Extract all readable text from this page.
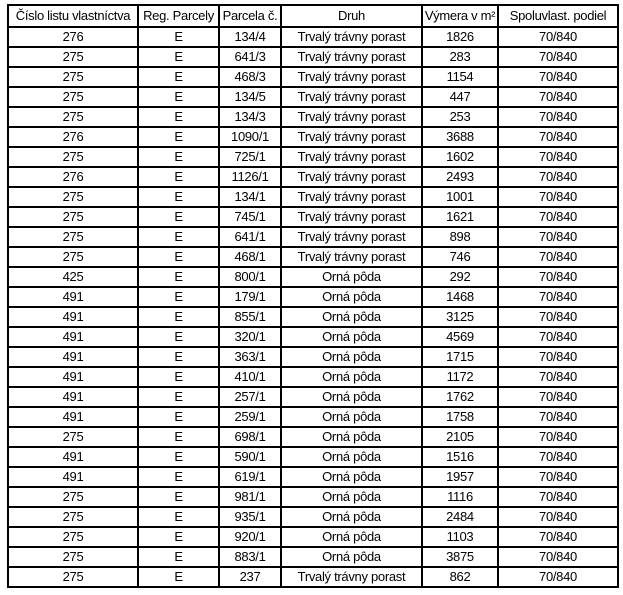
Číslo listu vlastníctva	Reg. Parcely	Parcela č.	Druh	Výmera v m²	Spoluvlast. podiel
276	E	134/4	Trvalý trávny porast	1826	70/840
275	E	641/3	Trvalý trávny porast	283	70/840
275	E	468/3	Trvalý trávny porast	1154	70/840
275	E	134/5	Trvalý trávny porast	447	70/840
275	E	134/3	Trvalý trávny porast	253	70/840
276	E	1090/1	Trvalý trávny porast	3688	70/840
275	E	725/1	Trvalý trávny porast	1602	70/840
276	E	1126/1	Trvalý trávny porast	2493	70/840
275	E	134/1	Trvalý trávny porast	1001	70/840
275	E	745/1	Trvalý trávny porast	1621	70/840
275	E	641/1	Trvalý trávny porast	898	70/840
275	E	468/1	Trvalý trávny porast	746	70/840
425	E	800/1	Orná pôda	292	70/840
491	E	179/1	Orná pôda	1468	70/840
491	E	855/1	Orná pôda	3125	70/840
491	E	320/1	Orná pôda	4569	70/840
491	E	363/1	Orná pôda	1715	70/840
491	E	410/1	Orná pôda	1172	70/840
491	E	257/1	Orná pôda	1762	70/840
491	E	259/1	Orná pôda	1758	70/840
275	E	698/1	Orná pôda	2105	70/840
491	E	590/1	Orná pôda	1516	70/840
491	E	619/1	Orná pôda	1957	70/840
275	E	981/1	Orná pôda	1116	70/840
275	E	935/1	Orná pôda	2484	70/840
275	E	920/1	Orná pôda	1103	70/840
275	E	883/1	Orná pôda	3875	70/840
275	E	237	Trvalý trávny porast	862	70/840
